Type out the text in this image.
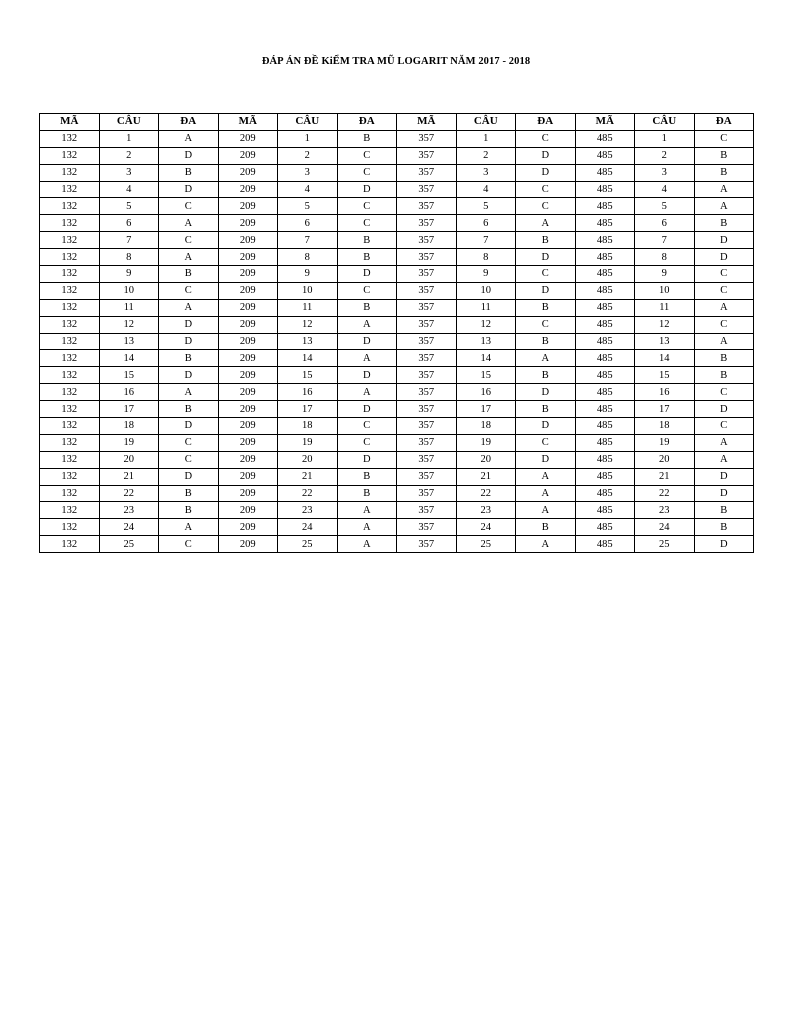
ĐÁP ÁN ĐỀ KiỂM TRA MŨ LOGARIT NĂM 2017 - 2018
MÃ	CÂU	ĐA	MÃ	CÂU	ĐA	MÃ	CÂU	ĐA	MÃ	CÂU	ĐA
132	1	A	209	1	B	357	1	C	485	1	C
132	2	D	209	2	C	357	2	D	485	2	B
132	3	B	209	3	C	357	3	D	485	3	B
132	4	D	209	4	D	357	4	C	485	4	A
132	5	C	209	5	C	357	5	C	485	5	A
132	6	A	209	6	C	357	6	A	485	6	B
132	7	C	209	7	B	357	7	B	485	7	D
132	8	A	209	8	B	357	8	D	485	8	D
132	9	B	209	9	D	357	9	C	485	9	C
132	10	C	209	10	C	357	10	D	485	10	C
132	11	A	209	11	B	357	11	B	485	11	A
132	12	D	209	12	A	357	12	C	485	12	C
132	13	D	209	13	D	357	13	B	485	13	A
132	14	B	209	14	A	357	14	A	485	14	B
132	15	D	209	15	D	357	15	B	485	15	B
132	16	A	209	16	A	357	16	D	485	16	C
132	17	B	209	17	D	357	17	B	485	17	D
132	18	D	209	18	C	357	18	D	485	18	C
132	19	C	209	19	C	357	19	C	485	19	A
132	20	C	209	20	D	357	20	D	485	20	A
132	21	D	209	21	B	357	21	A	485	21	D
132	22	B	209	22	B	357	22	A	485	22	D
132	23	B	209	23	A	357	23	A	485	23	B
132	24	A	209	24	A	357	24	B	485	24	B
132	25	C	209	25	A	357	25	A	485	25	D
